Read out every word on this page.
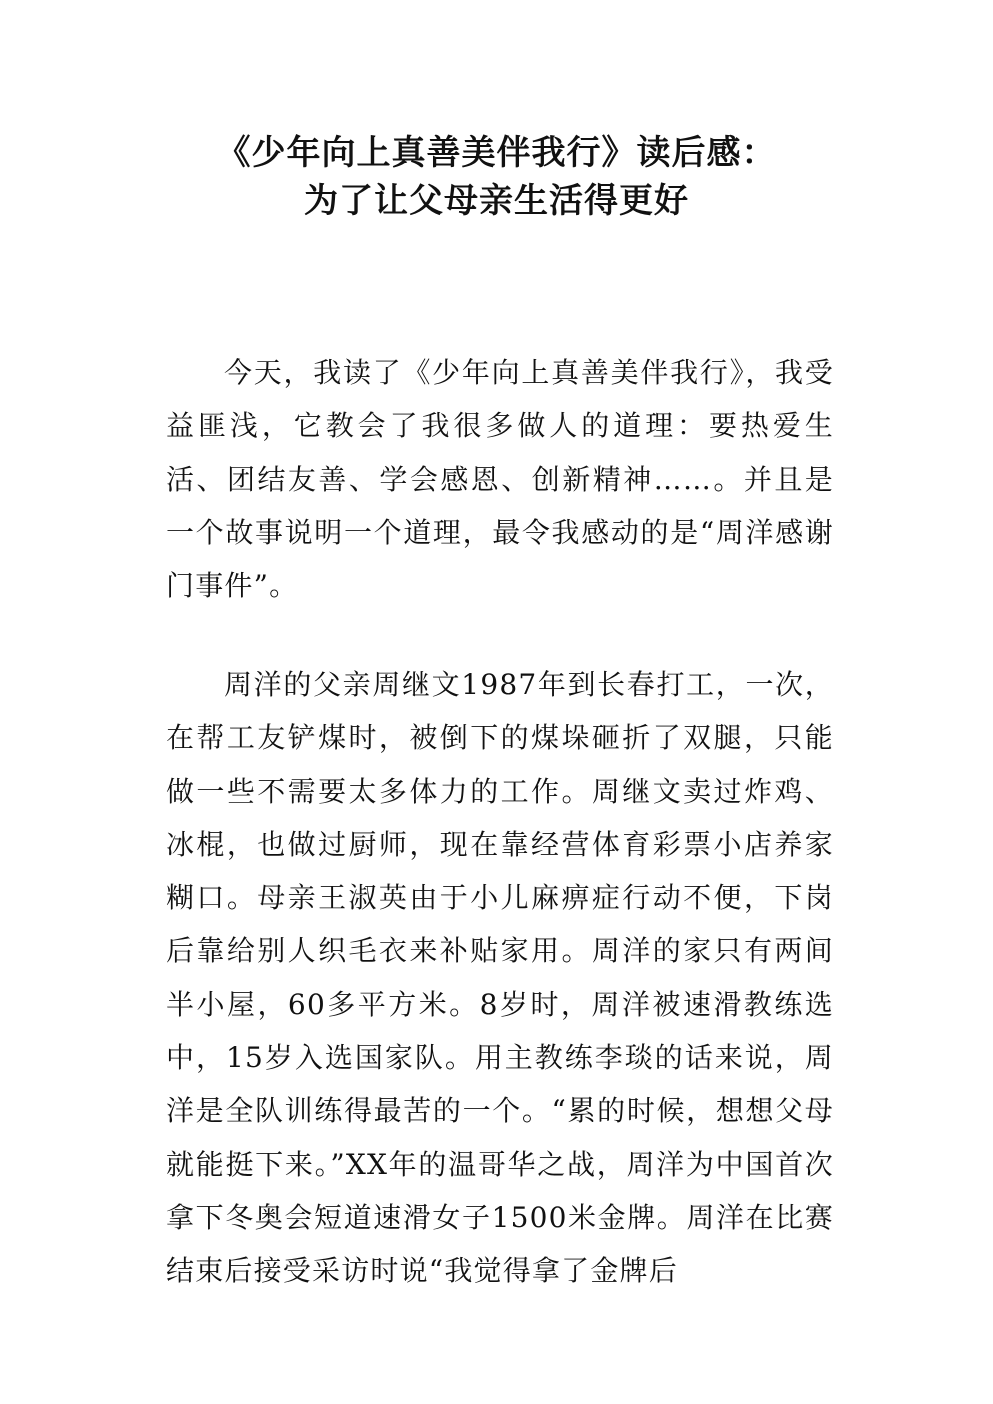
《少年向上真善美伴我行》读后感：
为了让父母亲生活得更好

今天，我读了《少年向上真善美伴我行》，我受益匪浅，它教会了我很多做人的道理：要热爱生活、团结友善、学会感恩、创新精神……。并且是一个故事说明一个道理，最令我感动的是“周洋感谢门事件”。

周洋的父亲周继文1987年到长春打工，一次，在帮工友铲煤时，被倒下的煤垛砸折了双腿，只能做一些不需要太多体力的工作。周继文卖过炸鸡、冰棍，也做过厨师，现在靠经营体育彩票小店养家糊口。母亲王淑英由于小儿麻痹症行动不便，下岗后靠给别人织毛衣来补贴家用。周洋的家只有两间半小屋，60多平方米。8岁时，周洋被速滑教练选中，15岁入选国家队。用主教练李琰的话来说，周洋是全队训练得最苦的一个。“累的时候，想想父母就能挺下来。”XX年的温哥华之战，周洋为中国首次拿下冬奥会短道速滑女子1500米金牌。周洋在比赛结束后接受采访时说“我觉得拿了金牌后
